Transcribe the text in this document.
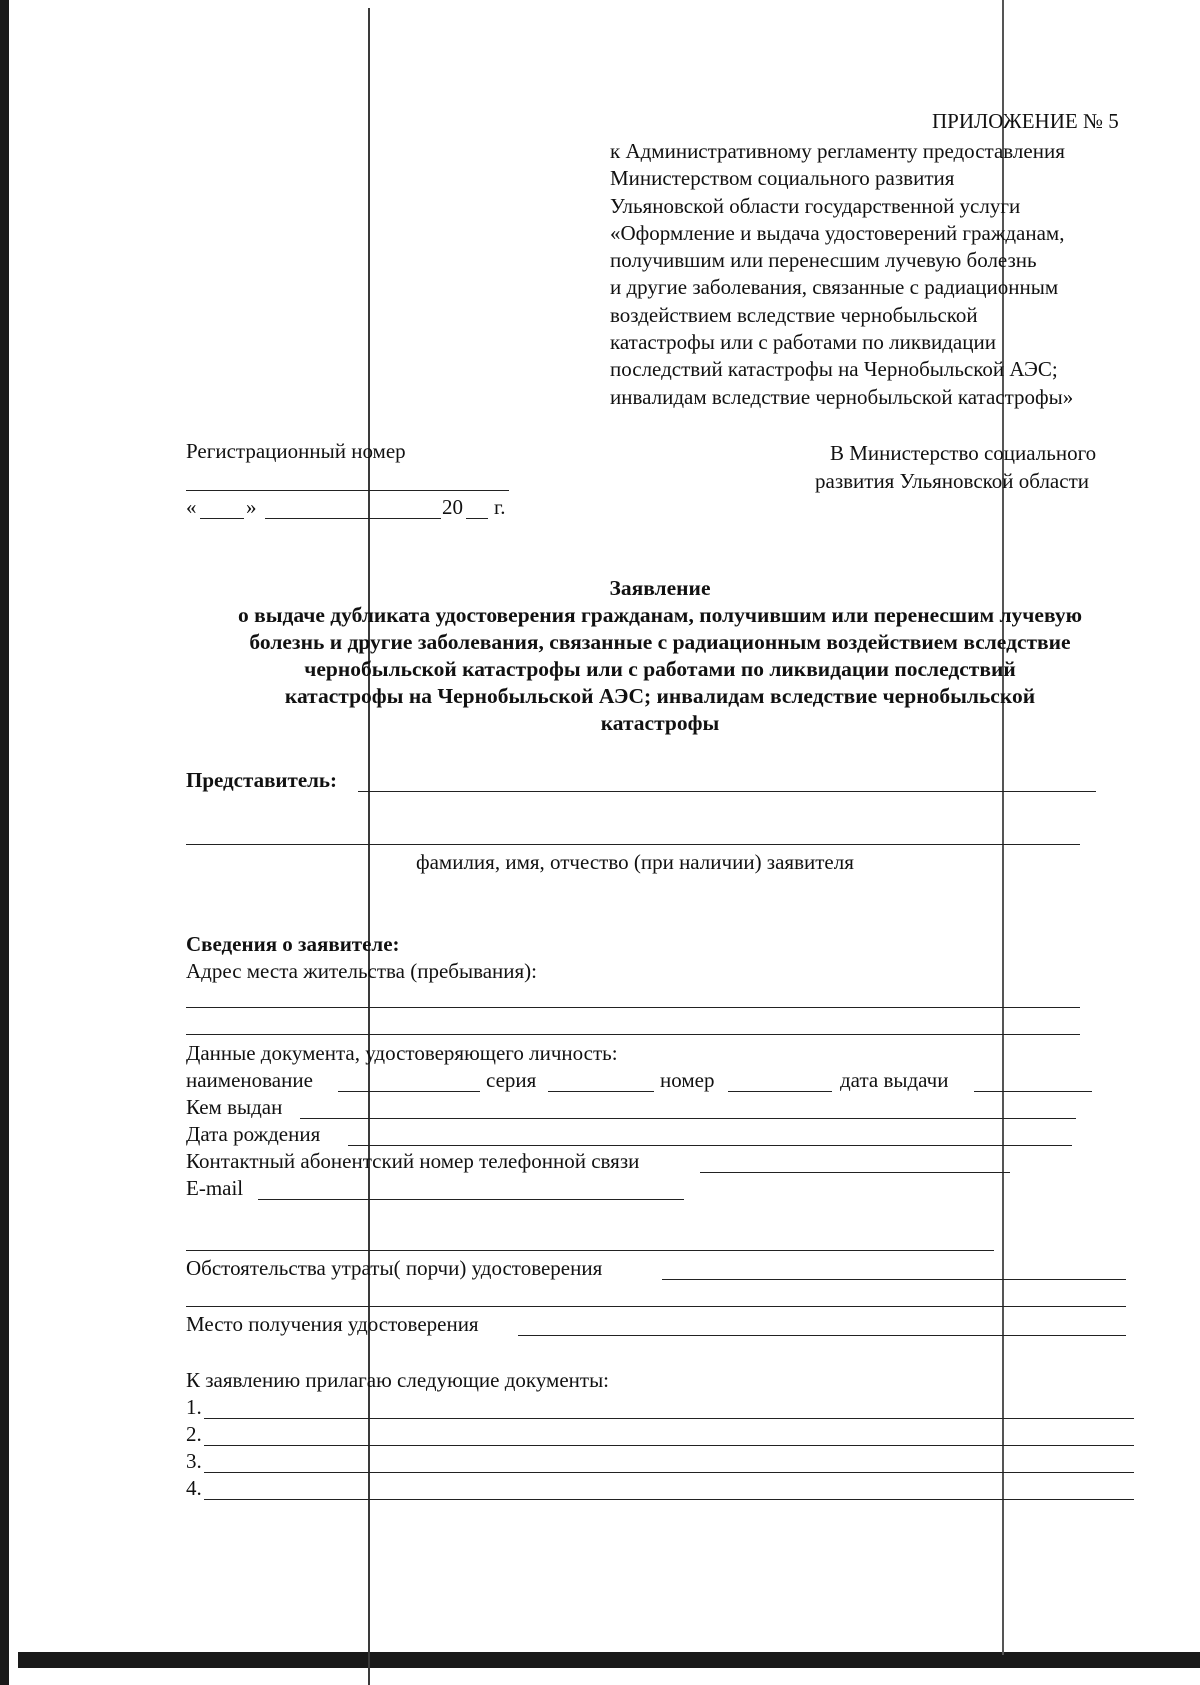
ПРИЛОЖЕНИЕ № 5
к Административному регламенту предоставления
Министерством социального развития
Ульяновской области государственной услуги
«Оформление и выдача удостоверений гражданам,
получившим или перенесшим лучевую болезнь
и другие заболевания, связанные с радиационным
воздействием вследствие чернобыльской
катастрофы или с работами по ликвидации
последствий катастрофы на Чернобыльской АЭС;
инвалидам вследствие чернобыльской катастрофы»
Регистрационный номер
« »	20 г.
В Министерство социального
развития Ульяновской области
Заявление
о выдаче дубликата удостоверения гражданам, получившим или перенесшим лучевую
болезнь и другие заболевания, связанные с радиационным воздействием вследствие
чернобыльской катастрофы или с работами по ликвидации последствий
катастрофы на Чернобыльской АЭС; инвалидам вследствие чернобыльской
катастрофы
Представитель:
фамилия, имя, отчество (при наличии) заявителя
Сведения о заявителе:
Адрес места жительства (пребывания):
Данные документа, удостоверяющего личность:
наименование	серия	номер	дата выдачи
Кем выдан
Дата рождения
Контактный абонентский номер телефонной связи
E-mail
Обстоятельства утраты( порчи) удостоверения
Место получения удостоверения
К заявлению прилагаю следующие документы:
1.
2.
3.
4.
